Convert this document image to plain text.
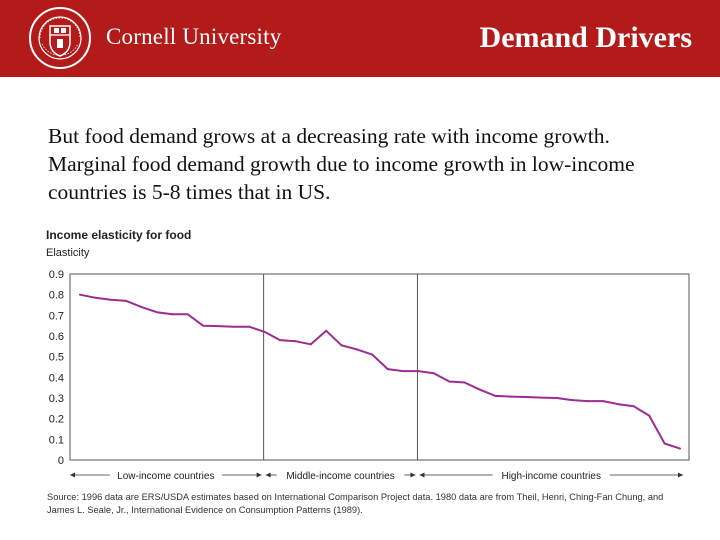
Cornell University	Demand Drivers
But food demand grows at a decreasing rate with income growth. Marginal food demand growth due to income growth in low-income countries is 5-8 times that in US.
Income elasticity for food
Elasticity
0.9
0.8
0.7
0.6
0.5
0.4
0.3
0.2
0.1
0
Low-income countries	Middle-income countries	High-income countries
Source: 1996 data are ERS/USDA estimates based on International Comparison Project data. 1980 data are from Theil, Henri, Ching-Fan Chung, and James L. Seale, Jr., International Evidence on Consumption Patterns (1989).
